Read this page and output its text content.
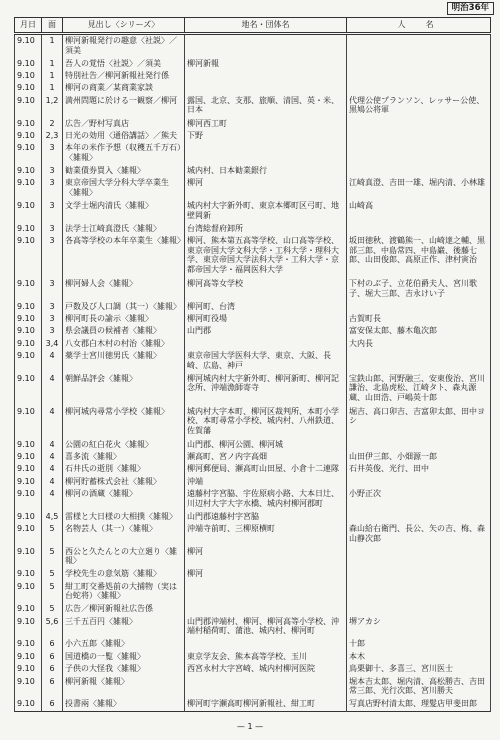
明治36年
月日	面	見出し〈シリーズ〉	地名・団体名	人　名
9.10	1	柳河新報発行の趣意〈社説〉／須美		
9.10	1	吾人の覚悟〈社説〉／須美	柳河新報	
9.10	1	特別社告／柳河新報社発行係		
9.10	1	柳河の商業／某商業家談		
9.10	1,2	満州問題に於ける一観察／柳河	露国、北京、支那、旅順、清国、英・米、日本	代理公使プランソン、レッサー公使、黒鳩公将軍
9.10	2	広告／野村写真店	柳河西工町	
9.10	2,3	日光の効用〈通俗講話〉／熊夫	下野	
9.10	3	本年の米作予想（収穫五千万石）〈雑報〉		
9.10	3	勧業債券買入〈雑報〉	城内村、日本勧業銀行	
9.10	3	東京帝国大学分科大学卒業生〈雑報〉	柳河	江崎真澄、吉田一雄、堀内清、小林雄
9.10	3	文学士堀内清氏〈雑報〉	城内村大字新外町、東京本郷町区弓町、地壁岡新	山崎高
9.10	3	法学士江崎真澄氏〈雑報〉	台湾総督府卸所	
9.10	3	各高等学校の本年卒業生〈雑報〉	柳河、熊本第五高等学校、山口高等学校、東京帝国大学文科大学・工科大学・理科大学、東京帝国大学法科大学・工科大学・京都帝国大学・福岡医科大学	坂田徳秋、渡鶴熊一、山崎達之輔、黒部三郎、中島常四、中島巌、後藤七郎、山田俊郎、高原正作、津村寅治
9.10	3	柳河婦人会〈雑報〉	柳河高等女学校	下村のぶ子、立花伯爵夫人、宮川歌子、堀大三郎、吉永けい子
9.10	3	戸数及び人口調（其一）〈雑報〉	柳河町、台湾	
9.10	3	柳河町長の諭示〈雑報〉	柳河町役場	古賀町長
9.10	3	県会議員の候補者〈雑報〉	山門郡	富安保太郎、藤木亀次郎
9.10	3,4	八女郡白木村の村治〈雑報〉		大内長
9.10	4	薬学士宮川徳男氏〈雑報〉	東京帝国大学医科大学、東京、大阪、長崎、広島、神戸	
9.10	4	朝鮮品評会〈雑報〉	柳河城内村大字新外町、柳河新町、柳河記念所、沖端漁師寄寺	宝鉄山郎、河野融三、安東俊治、宮川謙治、北島虎松、江崎タト、森丸源蔵、山田浩、戸嶋英十郎
9.10	4	柳河城内尋常小学校〈雑報〉	城内村大字本町、柳河区裁判所、本町小学校、本町尋常小学校、城内村、八州鉄道、佐賀藩	堀吉、高口卯吉、吉富卯太郎、田中ヨシ
9.10	4	公園の紅白花火〈雑報〉	山門郡、柳河公園、柳河城	
9.10	4	喜多流〈雑報〉	瀬高町、宮ノ内字高畑	山田伊三郎、小畑源一郎
9.10	4	石井氏の逝別〈雑報〉	柳河郵便局、瀬高町山田屋、小倉十二連隊	石井英俊、光行、田中
9.10	4	柳河貯蓄株式会社〈雑報〉	沖端	
9.10	4	柳河の酒蔵〈雑報〉	遠藤村字宮脇、宇佐原病小路、大本日辻、川辺村大字大字水橋、城内村柳河郡町	小野正次
9.10	4,5	雷様と大日様の大相撲〈雑報〉	山門郡遠藤村字宮脇	
9.10	5	名物芸人（其一）〈雑報〉	沖端寺前町、三柳原横町	森山給右衛門、長公、矢の吉、梅、森山静次郎
9.10	5	西公と久たんとの大立廻り〈雑報〉	柳河	
9.10	5	学校先生の意気筋〈雑報〉	柳河	
9.10	5	紺工町交番処前の大捕物（実は台蛇将）〈雑報〉		
9.10	5	広告／柳河新報社広告係		
9.10	5,6	三千五百円〈雑報〉	山門郡沖端村、柳河、柳河高等小学校、沖端村稲荷町、蒲池、城内村、柳河町	堺アカシ
9.10	6	小六五郎〈雑報〉		十郎
9.10	6	国道橋の一覧〈雑報〉	東京学友会、熊本高等学校、玉川	本木
9.10	6	子供の大怪我〈雑報〉	西宮永村大字宮崎、城内村柳河医院	鳥栗御十、多喜三、宮川医士
9.10	6	柳河新報〈雑報〉		堀本吉太郎、堀内清、高松勝吉、吉田常三郎、光行次郎、宮川勝夫
9.10	6	投書兩〈雑報〉	柳河町字瀬高町柳河新報社、紺工町	写真店野村清太郎、理髪店甲斐田郎
— 1 —
